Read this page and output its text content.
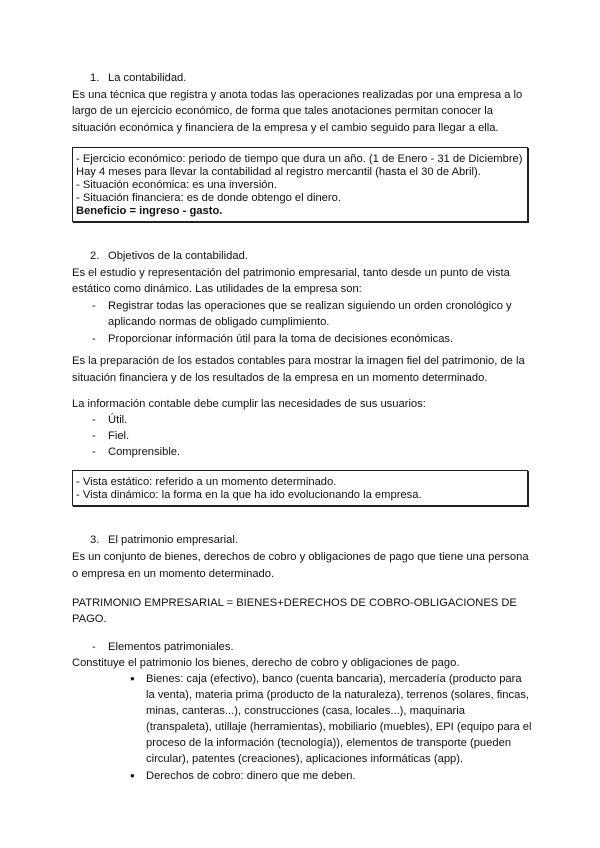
1. La contabilidad.
Es una técnica que registra y anota todas las operaciones realizadas por una empresa a lo
largo de un ejercicio económico, de forma que tales anotaciones permitan conocer la
situación económica y financiera de la empresa y el cambio seguido para llegar a ella.
- Ejercicio económico: periodo de tiempo que dura un año. (1 de Enero - 31 de Diciembre)
Hay 4 meses para llevar la contabilidad al registro mercantil (hasta el 30 de Abril).
- Situación económica: es una inversión.
- Situación financiera: es de donde obtengo el dinero.
Beneficio = ingreso - gasto.
2. Objetivos de la contabilidad.
Es el estudio y representación del patrimonio empresarial, tanto desde un punto de vista
estático como dinámico. Las utilidades de la empresa son:
- Registrar todas las operaciones que se realizan siguiendo un orden cronológico y
aplicando normas de obligado cumplimiento.
- Proporcionar información útil para la toma de decisiones económicas.
Es la preparación de los estados contables para mostrar la imagen fiel del patrimonio, de la
situación financiera y de los resultados de la empresa en un momento determinado.
La información contable debe cumplir las necesidades de sus usuarios:
- Útil.
- Fiel.
- Comprensible.
- Vista estático: referido a un momento determinado.
- Vista dinámico: la forma en la que ha ido evolucionando la empresa.
3. El patrimonio empresarial.
Es un conjunto de bienes, derechos de cobro y obligaciones de pago que tiene una persona
o empresa en un momento determinado.
PATRIMONIO EMPRESARIAL = BIENES+DERECHOS DE COBRO-OBLIGACIONES DE
PAGO.
- Elementos patrimoniales.
Constituye el patrimonio los bienes, derecho de cobro y obligaciones de pago.
● Bienes: caja (efectivo), banco (cuenta bancaria), mercadería (producto para
la venta), materia prima (producto de la naturaleza), terrenos (solares, fincas,
minas, canteras...), construcciones (casa, locales...), maquinaria
(transpaleta), utillaje (herramientas), mobiliario (muebles), EPI (equipo para el
proceso de la información (tecnología)), elementos de transporte (pueden
circular), patentes (creaciones), aplicaciones informáticas (app).
● Derechos de cobro: dinero que me deben.
